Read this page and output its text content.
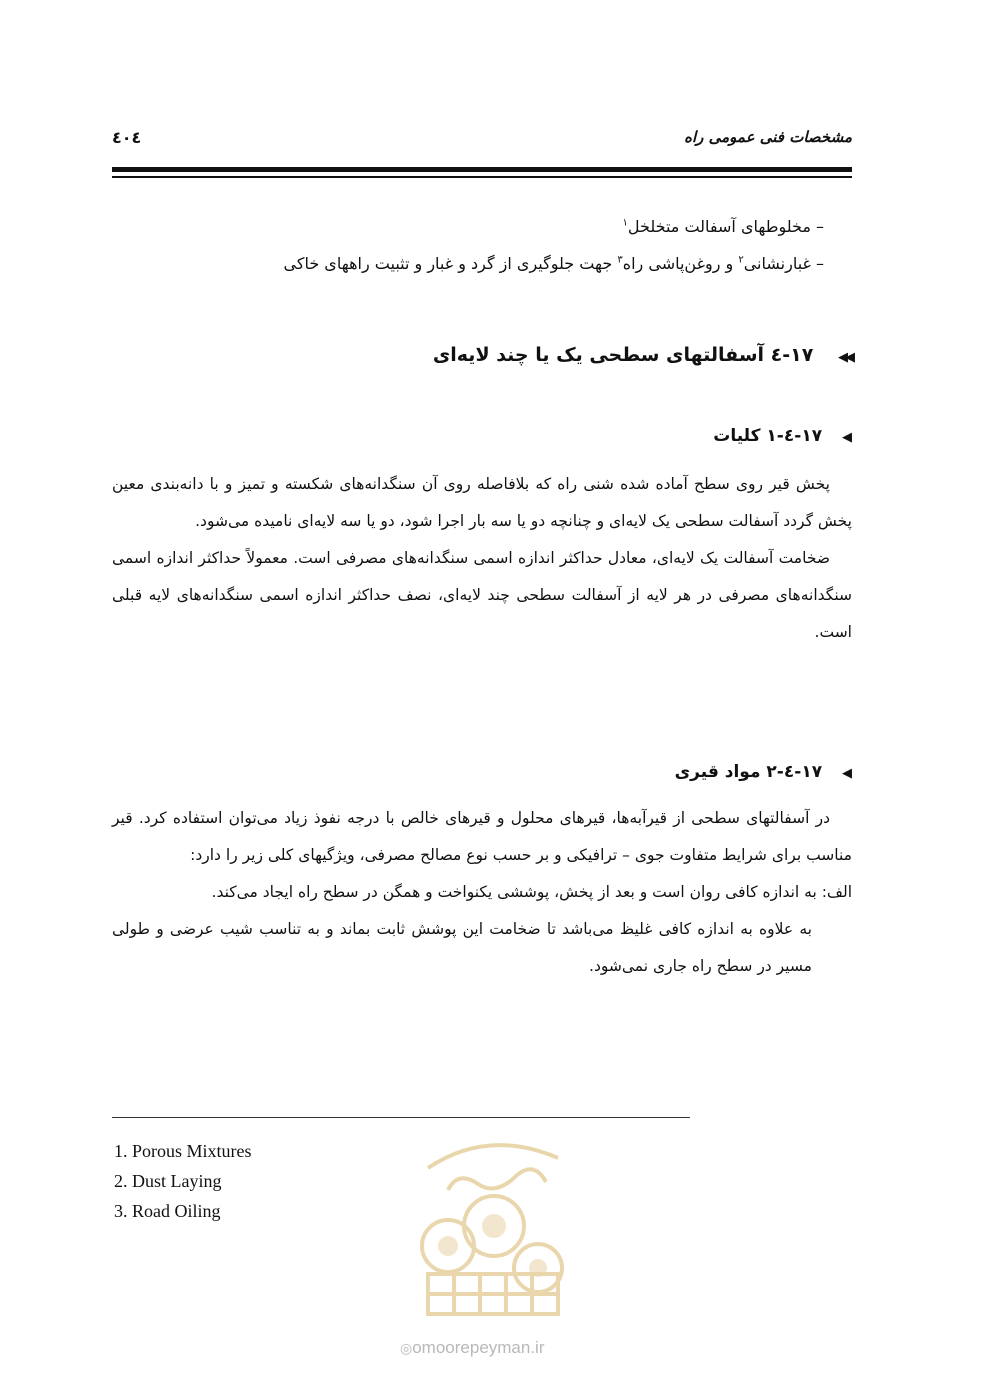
مشخصات فنی عمومی راه
٤٠٤
– مخلوطهای آسفالت متخلخل$^١$
– غبارنشانی$^٢$ و روغن‌پاشی راه$^٣$ جهت جلوگیری از گرد و غبار و تثبیت راههای خاکی
◀◀ ١٧-٤ آسفالتهای سطحی یک یا چند لایه‌ای
◀ ١٧-٤-١ کلیات

پخش قیر روی سطح آماده شده شنی راه که بلافاصله روی آن سنگدانه‌های شکسته و تمیز و با دانه‌بندی معین پخش گردد آسفالت سطحی یک لایه‌ای و چنانچه دو یا سه بار اجرا شود، دو یا سه لایه‌ای نامیده می‌شود.

ضخامت آسفالت یک لایه‌ای، معادل حداکثر اندازه اسمی سنگدانه‌های مصرفی است. معمولاً حداکثر اندازه اسمی سنگدانه‌های مصرفی در هر لایه از آسفالت سطحی چند لایه‌ای، نصف حداکثر اندازه اسمی سنگدانه‌های لایه قبلی است.

◀ ١٧-٤-٢ مواد قیری

در آسفالتهای سطحی از قیرآبه‌ها، قیرهای محلول و قیرهای خالص با درجه نفوذ زیاد می‌توان استفاده کرد. قیر مناسب برای شرایط متفاوت جوی – ترافیکی و بر حسب نوع مصالح مصرفی، ویژگیهای کلی زیر را دارد:

الف: به اندازه کافی روان است و بعد از پخش، پوششی یکنواخت و همگن در سطح راه ایجاد می‌کند.
به علاوه به اندازه کافی غلیظ می‌باشد تا ضخامت این پوشش ثابت بماند و به تناسب شیب عرضی و طولی مسیر در سطح راه جاری نمی‌شود.
1. Porous Mixtures
2. Dust Laying
3. Road Oiling
◎omoorepeyman.ir
